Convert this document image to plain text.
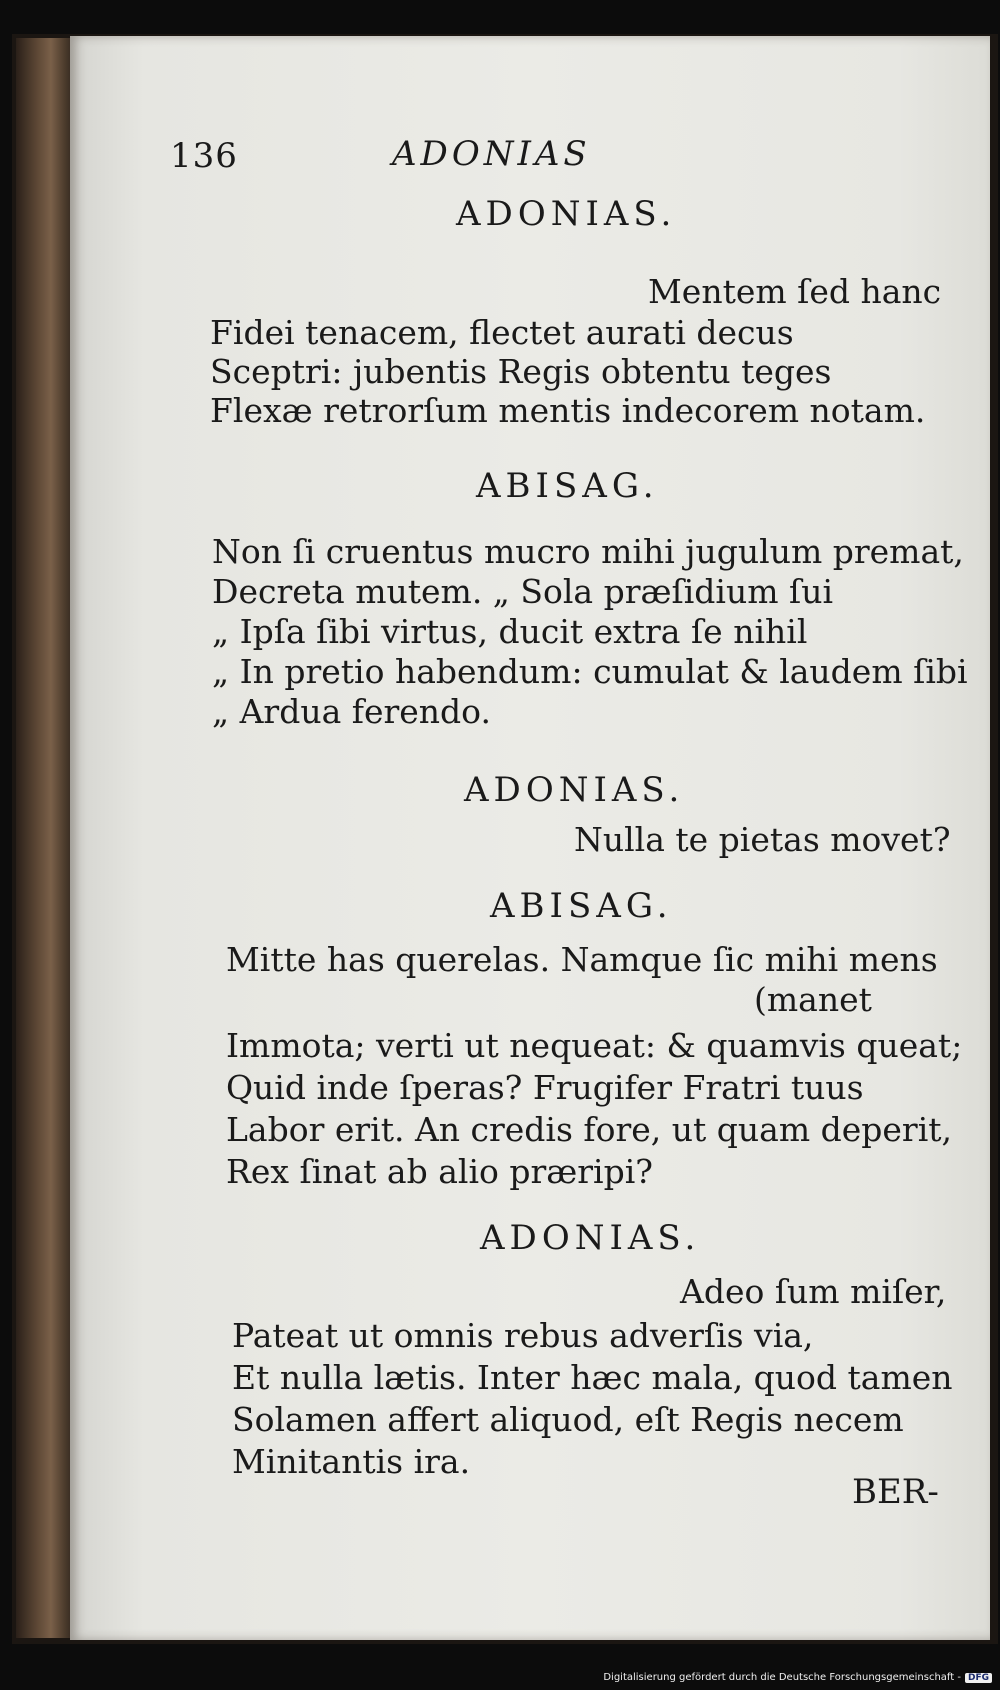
136	ADONIAS
ADONIAS.
Mentem ſed hanc
Fidei tenacem, flectet aurati decus
Sceptri: jubentis Regis obtentu teges
Flexæ retrorſum mentis indecorem notam.
ABISAG.
Non ſi cruentus mucro mihi jugulum premat,
Decreta mutem. „ Sola præſidium ſui
„ Ipſa ſibi virtus, ducit extra ſe nihil
„ In pretio habendum: cumulat & laudem ſibi
„ Ardua ferendo.
ADONIAS.
Nulla te pietas movet?
ABISAG.
Mitte has querelas. Namque ſic mihi mens
(manet
Immota; verti ut nequeat: & quamvis queat;
Quid inde ſperas? Frugifer Fratri tuus
Labor erit. An credis fore, ut quam deperit,
Rex ſinat ab alio præripi?
ADONIAS.
Adeo ſum miſer,
Pateat ut omnis rebus adverſis via,
Et nulla lætis. Inter hæc mala, quod tamen
Solamen affert aliquod, eſt Regis necem
Minitantis ira.
BER-
Digitalisierung gefördert durch die Deutsche Forschungsgemeinschaft - DFG
